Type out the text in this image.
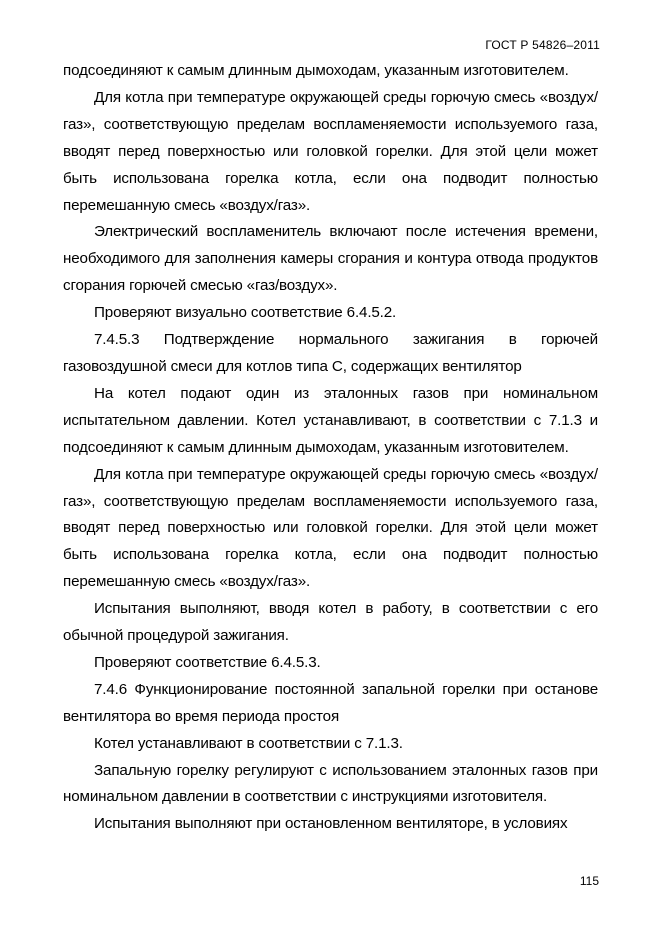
ГОСТ Р 54826–2011

подсоединяют к самым длинным дымоходам, указанным изготовителем.

Для котла при температуре окружающей среды горючую смесь «воздух/газ», соответствующую пределам воспламеняемости используемого газа, вводят перед поверхностью или головкой горелки. Для этой цели может быть использована горелка котла, если она подводит полностью перемешанную смесь «воздух/газ».

Электрический воспламенитель включают после истечения времени, необходимого для заполнения камеры сгорания и контура отвода продуктов сгорания горючей смесью «газ/воздух».

Проверяют визуально соответствие 6.4.5.2.

7.4.5.3 Подтверждение нормального зажигания в горючей газовоздушной смеси для котлов типа С, содержащих вентилятор

На котел подают один из эталонных газов при номинальном испытательном давлении. Котел устанавливают, в соответствии с 7.1.3 и подсоединяют к самым длинным дымоходам, указанным изготовителем.

Для котла при температуре окружающей среды горючую смесь «воздух/газ», соответствующую пределам воспламеняемости используемого газа, вводят перед поверхностью или головкой горелки. Для этой цели может быть использована горелка котла, если она подводит полностью перемешанную смесь «воздух/газ».

Испытания выполняют, вводя котел в работу, в соответствии с его обычной процедурой зажигания.

Проверяют соответствие 6.4.5.3.

7.4.6 Функционирование постоянной запальной горелки при останове вентилятора во время периода простоя

Котел устанавливают в соответствии с 7.1.3.

Запальную горелку регулируют с использованием эталонных газов при номинальном давлении в соответствии с инструкциями изготовителя.

Испытания выполняют при остановленном вентиляторе, в условиях

115
